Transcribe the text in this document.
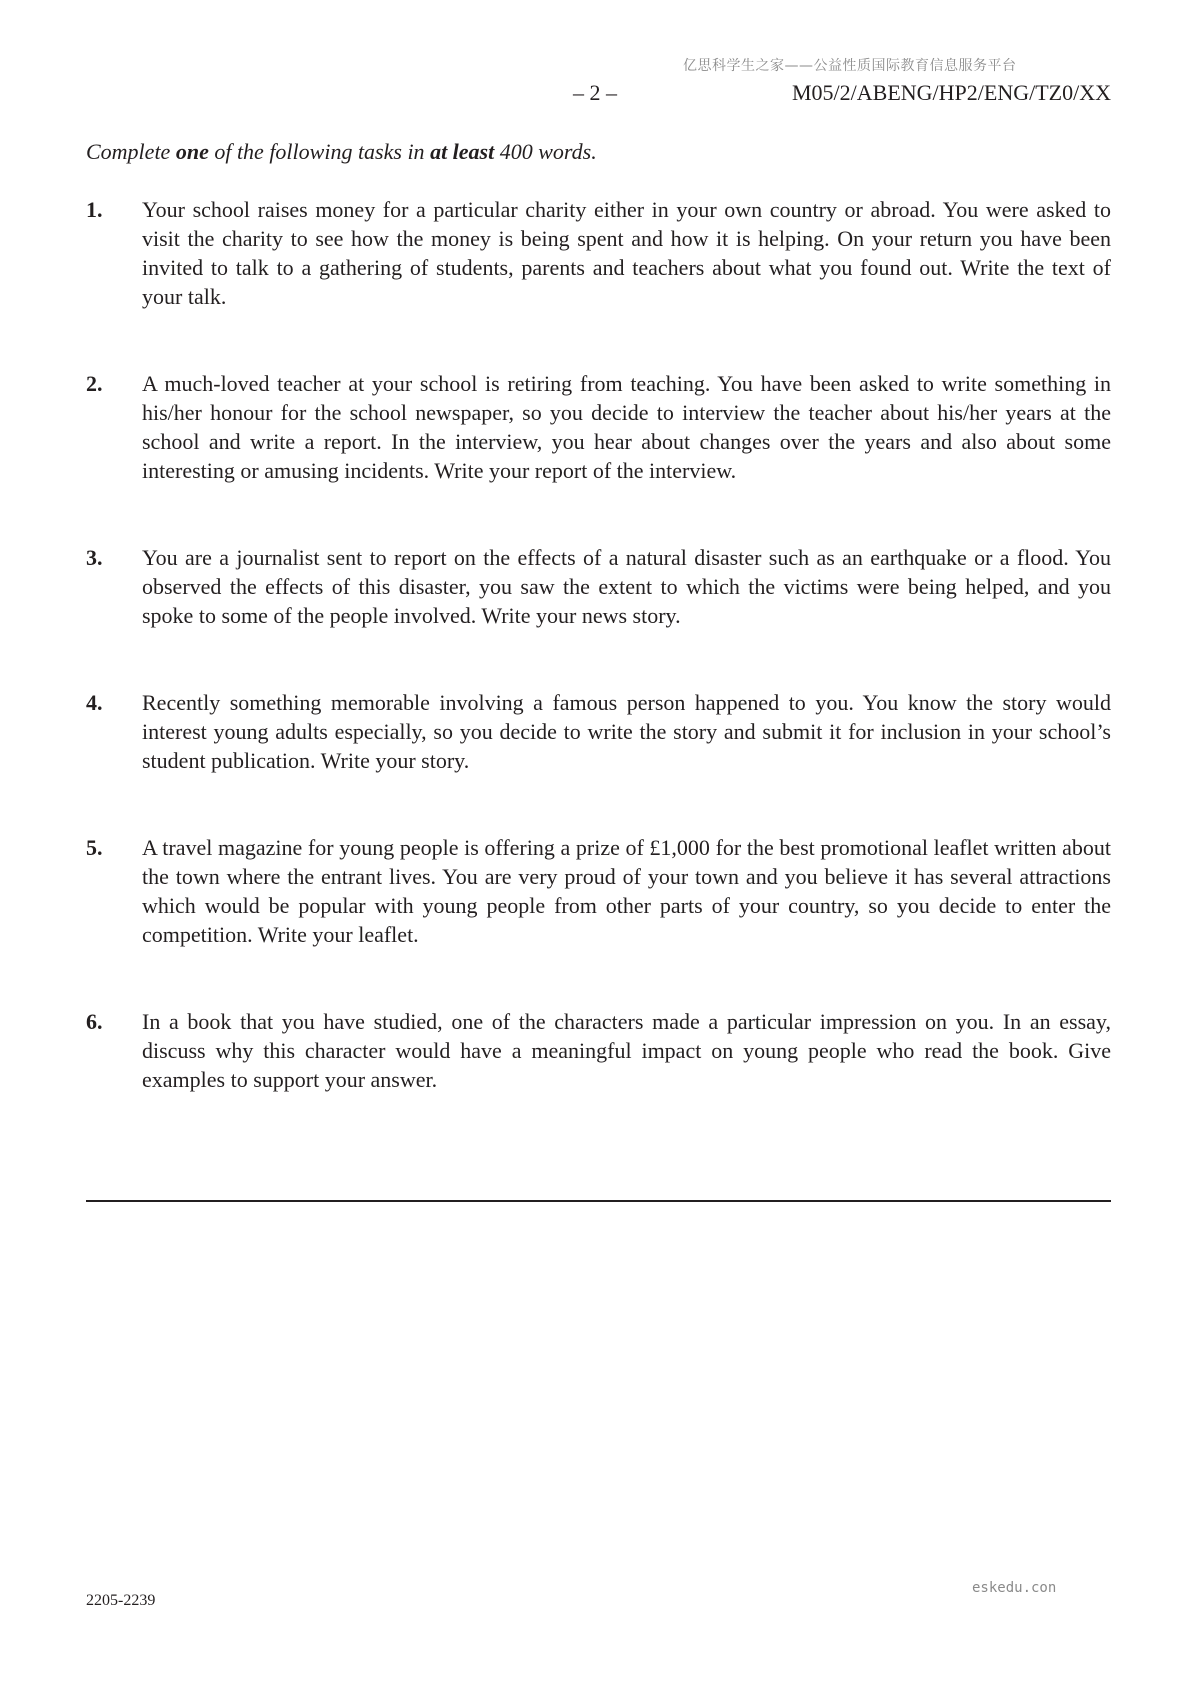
亿思科学生之家——公益性质国际教育信息服务平台
– 2 –	M05/2/ABENG/HP2/ENG/TZ0/XX
Complete one of the following tasks in at least 400 words.
1. Your school raises money for a particular charity either in your own country or abroad. You were asked to visit the charity to see how the money is being spent and how it is helping. On your return you have been invited to talk to a gathering of students, parents and teachers about what you found out. Write the text of your talk.

2. A much-loved teacher at your school is retiring from teaching. You have been asked to write something in his/her honour for the school newspaper, so you decide to interview the teacher about his/her years at the school and write a report. In the interview, you hear about changes over the years and also about some interesting or amusing incidents. Write your report of the interview.

3. You are a journalist sent to report on the effects of a natural disaster such as an earthquake or a flood. You observed the effects of this disaster, you saw the extent to which the victims were being helped, and you spoke to some of the people involved. Write your news story.

4. Recently something memorable involving a famous person happened to you. You know the story would interest young adults especially, so you decide to write the story and submit it for inclusion in your school’s student publication. Write your story.

5. A travel magazine for young people is offering a prize of £1,000 for the best promotional leaflet written about the town where the entrant lives. You are very proud of your town and you believe it has several attractions which would be popular with young people from other parts of your country, so you decide to enter the competition. Write your leaflet.

6. In a book that you have studied, one of the characters made a particular impression on you. In an essay, discuss why this character would have a meaningful impact on young people who read the book. Give examples to support your answer.

2205-2239
eskedu.con
